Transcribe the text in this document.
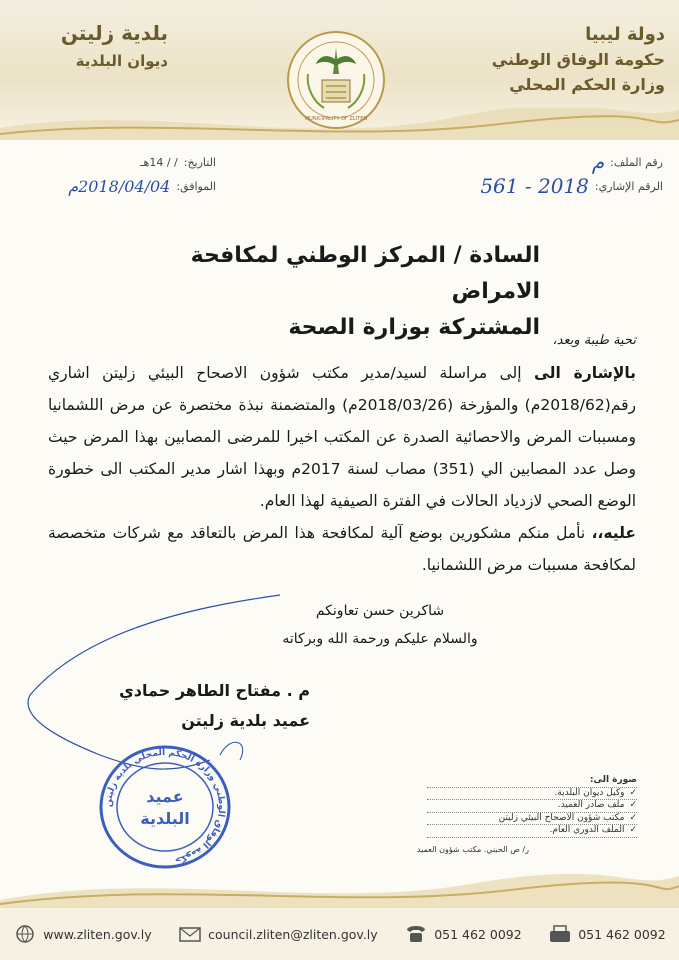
دولة ليبيا
حكومة الوفاق الوطني
وزارة الحكم المحلي
بلدية زليتن
ديوان البلدية
MUNICIPALITY OF ZLITEN
رقم الملف:
م
الرقم الإشاري:
2018 - 561
التاريخ:
/ / 14هـ
الموافق:
2018/04/04م
السادة / المركز الوطني لمكافحة الامراض
المشتركة بوزارة الصحة
تحية طيبة وبعد،

بالإشارة الى إلى مراسلة لسيد/مدير مكتب شؤون الاصحاح البيئي زليتن اشاري رقم(2018/62م) والمؤرخة (2018/03/26م) والمتضمنة نبذة مختصرة عن مرض اللشمانيا ومسببات المرض والاحصائية الصدرة عن المكتب اخيرا للمرضى المصابين بهذا المرض حيث وصل عدد المصابين الي (351) مصاب لسنة 2017م وبهذا اشار مدير المكتب الى خطورة الوضع الصحي لازدياد الحالات في الفترة الصيفية لهذا العام.

عليه،، نأمل منكم مشكورين بوضع آلية لمكافحة هذا المرض بالتعاقد مع شركات متخصصة لمكافحة مسببات مرض اللشمانيا.

شاكرين حسن تعاونكم
والسلام عليكم ورحمة الله وبركاته
م . مفتاح الطاهر حمادي
عميد بلدية زليتن
حكومة الوفاق الوطني وزارة الحكم المحلي بلدية زليتن
عميد
البلدية
صورة الى:
✓
وكيل ديوان البلدية.
✓
ملف صادر العميد.
✓
مكتب شؤون الاصحاح البيئي زليتن
✓
الملف الدوري العام.
ر/ ص الحبني. مكتب شؤون العميد
www.zliten.gov.ly	council.zliten@zliten.gov.ly	051 462 0092	051 462 0092
